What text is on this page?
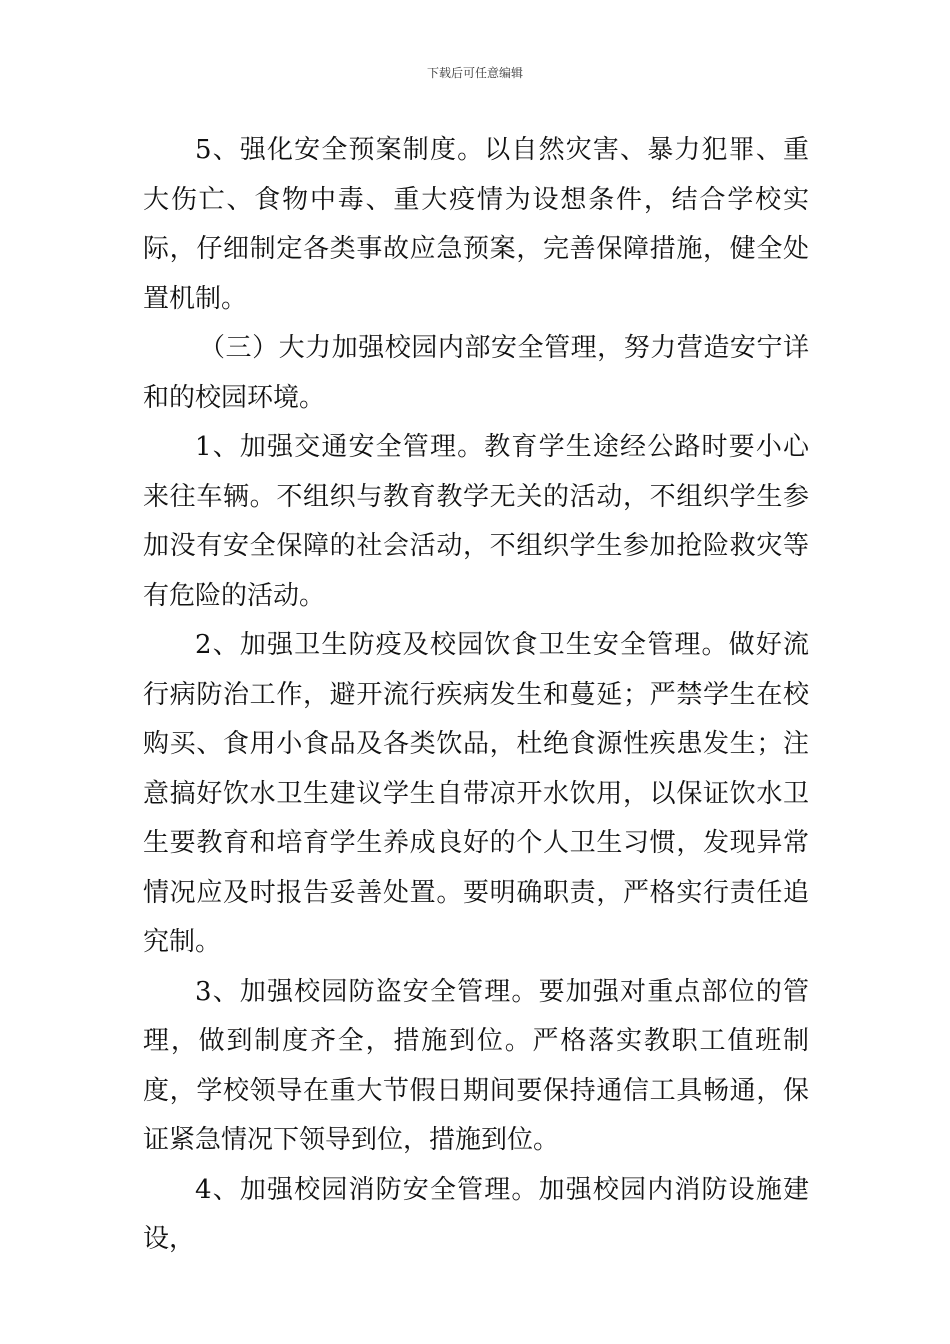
下载后可任意编辑

5、强化安全预案制度。以自然灾害、暴力犯罪、重大伤亡、食物中毒、重大疫情为设想条件，结合学校实际，仔细制定各类事故应急预案，完善保障措施，健全处置机制。

（三）大力加强校园内部安全管理，努力营造安宁详和的校园环境。

1、加强交通安全管理。教育学生途经公路时要小心来往车辆。不组织与教育教学无关的活动，不组织学生参加没有安全保障的社会活动，不组织学生参加抢险救灾等有危险的活动。

2、加强卫生防疫及校园饮食卫生安全管理。做好流行病防治工作，避开流行疾病发生和蔓延；严禁学生在校购买、食用小食品及各类饮品，杜绝食源性疾患发生；注意搞好饮水卫生建议学生自带凉开水饮用，以保证饮水卫生要教育和培育学生养成良好的个人卫生习惯，发现异常情况应及时报告妥善处置。要明确职责，严格实行责任追究制。

3、加强校园防盗安全管理。要加强对重点部位的管理，做到制度齐全，措施到位。严格落实教职工值班制度，学校领导在重大节假日期间要保持通信工具畅通，保证紧急情况下领导到位，措施到位。

4、加强校园消防安全管理。加强校园内消防设施建设，
